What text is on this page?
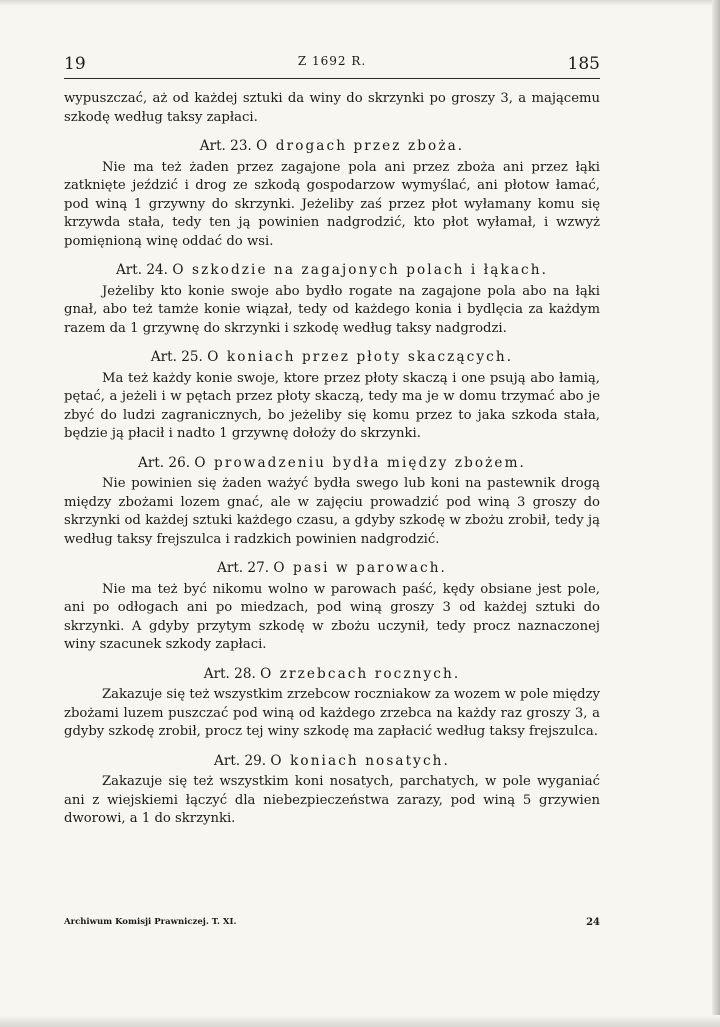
19	Z 1692 R.	185

wypuszczać, aż od każdej sztuki da winy do skrzynki po groszy 3, a mającemu szkodę według taksy zapłaci.

Art. 23. O drogach przez zboża.

Nie ma też żaden przez zagajone pola ani przez zboża ani przez łąki zatknięte jeździć i drog ze szkodą gospodarzow wymyślać, ani płotow łamać, pod winą 1 grzywny do skrzynki. Jeżeliby zaś przez płot wyłamany komu się krzywda stała, tedy ten ją powinien nadgrodzić, kto płot wyłamał, i wzwyż pomięnioną winę oddać do wsi.

Art. 24. O szkodzie na zagajonych polach i łąkach.

Jeżeliby kto konie swoje abo bydło rogate na zagajone pola abo na łąki gnał, abo też tamże konie wiązał, tedy od każdego konia i bydlęcia za każdym razem da 1 grzywnę do skrzynki i szkodę według taksy nadgrodzi.

Art. 25. O koniach przez płoty skaczących.

Ma też każdy konie swoje, ktore przez płoty skaczą i one psują abo łamią, pętać, a jeżeli i w pętach przez płoty skaczą, tedy ma je w domu trzymać abo je zbyć do ludzi zagranicznych, bo jeżeliby się komu przez to jaka szkoda stała, będzie ją płacił i nadto 1 grzywnę dołoży do skrzynki.

Art. 26. O prowadzeniu bydła między zbożem.

Nie powinien się żaden ważyć bydła swego lub koni na pastewnik drogą między zbożami lozem gnać, ale w zajęciu prowadzić pod winą 3 groszy do skrzynki od każdej sztuki każdego czasu, a gdyby szkodę w zbożu zrobił, tedy ją według taksy frejszulca i radzkich powinien nadgrodzić.

Art. 27. O pasi w parowach.

Nie ma też być nikomu wolno w parowach paść, kędy obsiane jest pole, ani po odłogach ani po miedzach, pod winą groszy 3 od każdej sztuki do skrzynki. A gdyby przytym szkodę w zbożu uczynił, tedy procz naznaczonej winy szacunek szkody zapłaci.

Art. 28. O zrzebcach rocznych.

Zakazuje się też wszystkim zrzebcow roczniakow za wozem w pole między zbożami luzem puszczać pod winą od każdego zrzebca na każdy raz groszy 3, a gdyby szkodę zrobił, procz tej winy szkodę ma zapłacić według taksy frejszulca.

Art. 29. O koniach nosatych.

Zakazuje się też wszystkim koni nosatych, parchatych, w pole wyganiać ani z wiejskiemi łączyć dla niebezpieczeństwa zarazy, pod winą 5 grzywien dworowi, a 1 do skrzynki.

Archiwum Komisji Prawniczej. T. XI.	24
